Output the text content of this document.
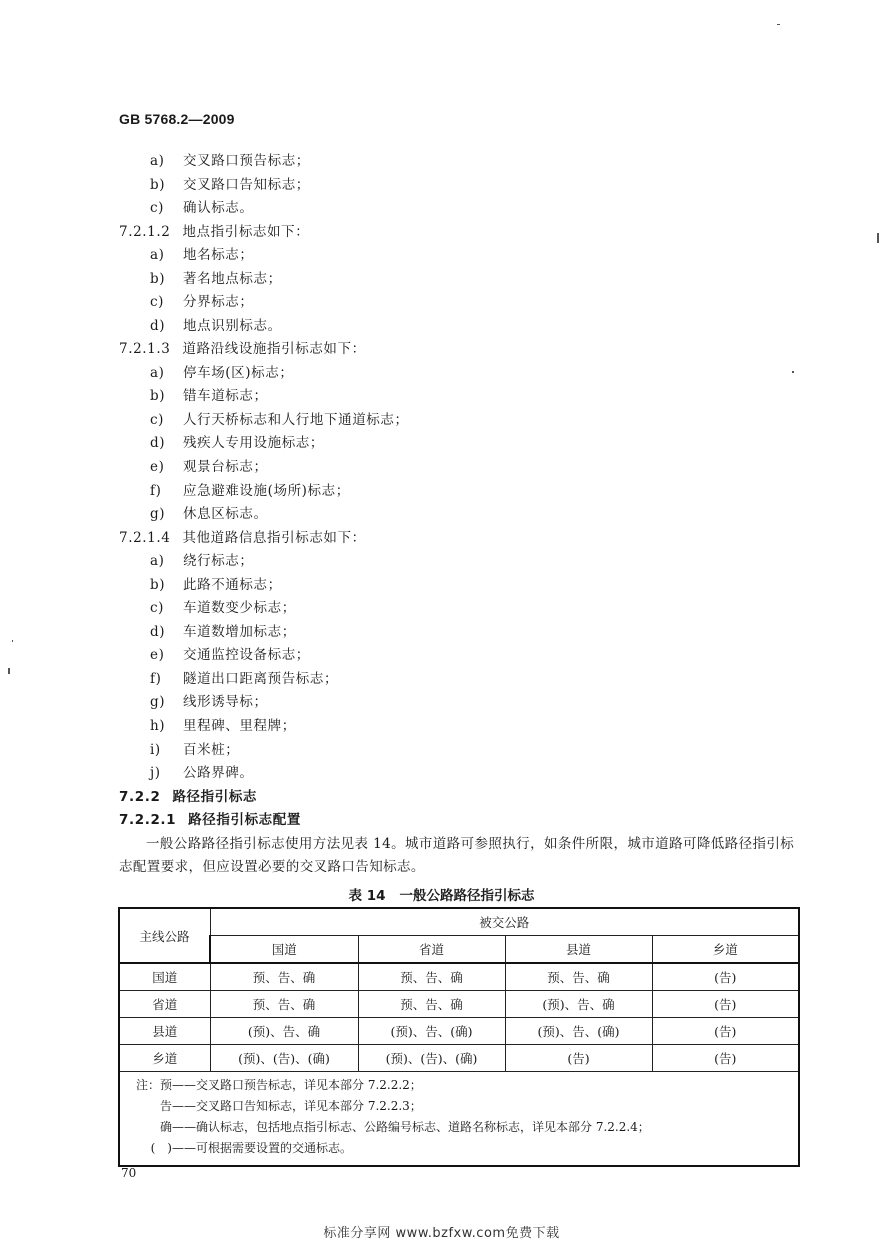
GB 5768.2—2009
a) 交叉路口预告标志；
b) 交叉路口告知标志；
c) 确认标志。
7.2.1.2 地点指引标志如下：
a) 地名标志；
b) 著名地点标志；
c) 分界标志；
d) 地点识别标志。
7.2.1.3 道路沿线设施指引标志如下：
a) 停车场(区)标志；
b) 错车道标志；
c) 人行天桥标志和人行地下通道标志；
d) 残疾人专用设施标志；
e) 观景台标志；
f) 应急避难设施(场所)标志；
g) 休息区标志。
7.2.1.4 其他道路信息指引标志如下：
a) 绕行标志；
b) 此路不通标志；
c) 车道数变少标志；
d) 车道数增加标志；
e) 交通监控设备标志；
f) 隧道出口距离预告标志；
g) 线形诱导标；
h) 里程碑、里程牌；
i) 百米桩；
j) 公路界碑。
7.2.2 路径指引标志
7.2.2.1 路径指引标志配置
一般公路路径指引标志使用方法见表 14。城市道路可参照执行，如条件所限，城市道路可降低路径指引标志配置要求，但应设置必要的交叉路口告知标志。
表 14 一般公路路径指引标志
主线公路	被交公路			
	国道	省道	县道	乡道
国道	预、告、确	预、告、确	预、告、确	(告)
省道	预、告、确	预、告、确	(预)、告、确	(告)
县道	(预)、告、确	(预)、告、(确)	(预)、告、(确)	(告)
乡道	(预)、(告)、(确)	(预)、(告)、(确)	(告)	(告)

注：预——交叉路口预告标志，详见本部分 7.2.2.2；
告——交叉路口告知标志，详见本部分 7.2.2.3；
确——确认标志，包括地点指引标志、公路编号标志、道路名称标志，详见本部分 7.2.2.4；
(　)——可根据需要设置的交通标志。				
70
标准分享网 www.bzfxw.com免费下载
